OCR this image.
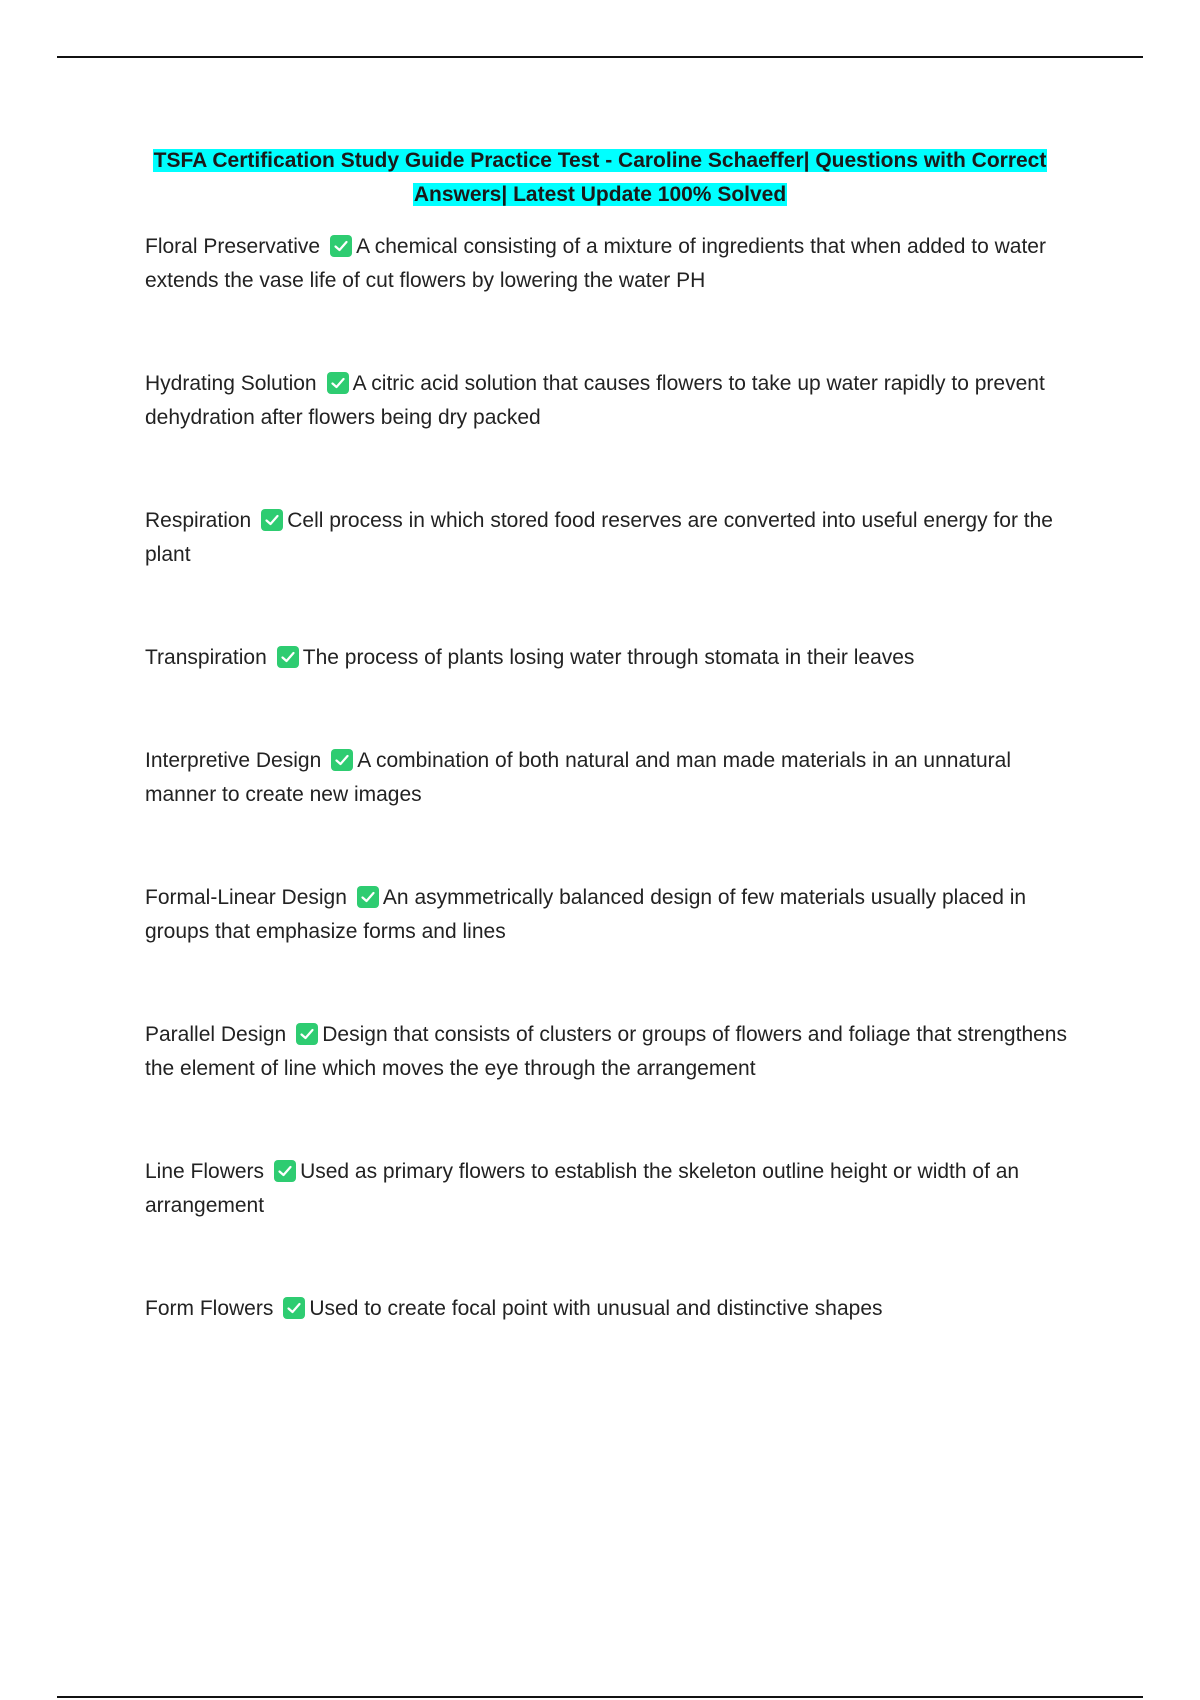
TSFA Certification Study Guide Practice Test - Caroline Schaeffer| Questions with Correct
Answers| Latest Update 100% Solved
Floral Preservative A chemical consisting of a mixture of ingredients that when added to water extends the vase life of cut flowers by lowering the water PH
Hydrating Solution A citric acid solution that causes flowers to take up water rapidly to prevent dehydration after flowers being dry packed
Respiration Cell process in which stored food reserves are converted into useful energy for the plant
Transpiration The process of plants losing water through stomata in their leaves
Interpretive Design A combination of both natural and man made materials in an unnatural manner to create new images
Formal-Linear Design An asymmetrically balanced design of few materials usually placed in groups that emphasize forms and lines
Parallel Design Design that consists of clusters or groups of flowers and foliage that strengthens the element of line which moves the eye through the arrangement
Line Flowers Used as primary flowers to establish the skeleton outline height or width of an arrangement
Form Flowers Used to create focal point with unusual and distinctive shapes
